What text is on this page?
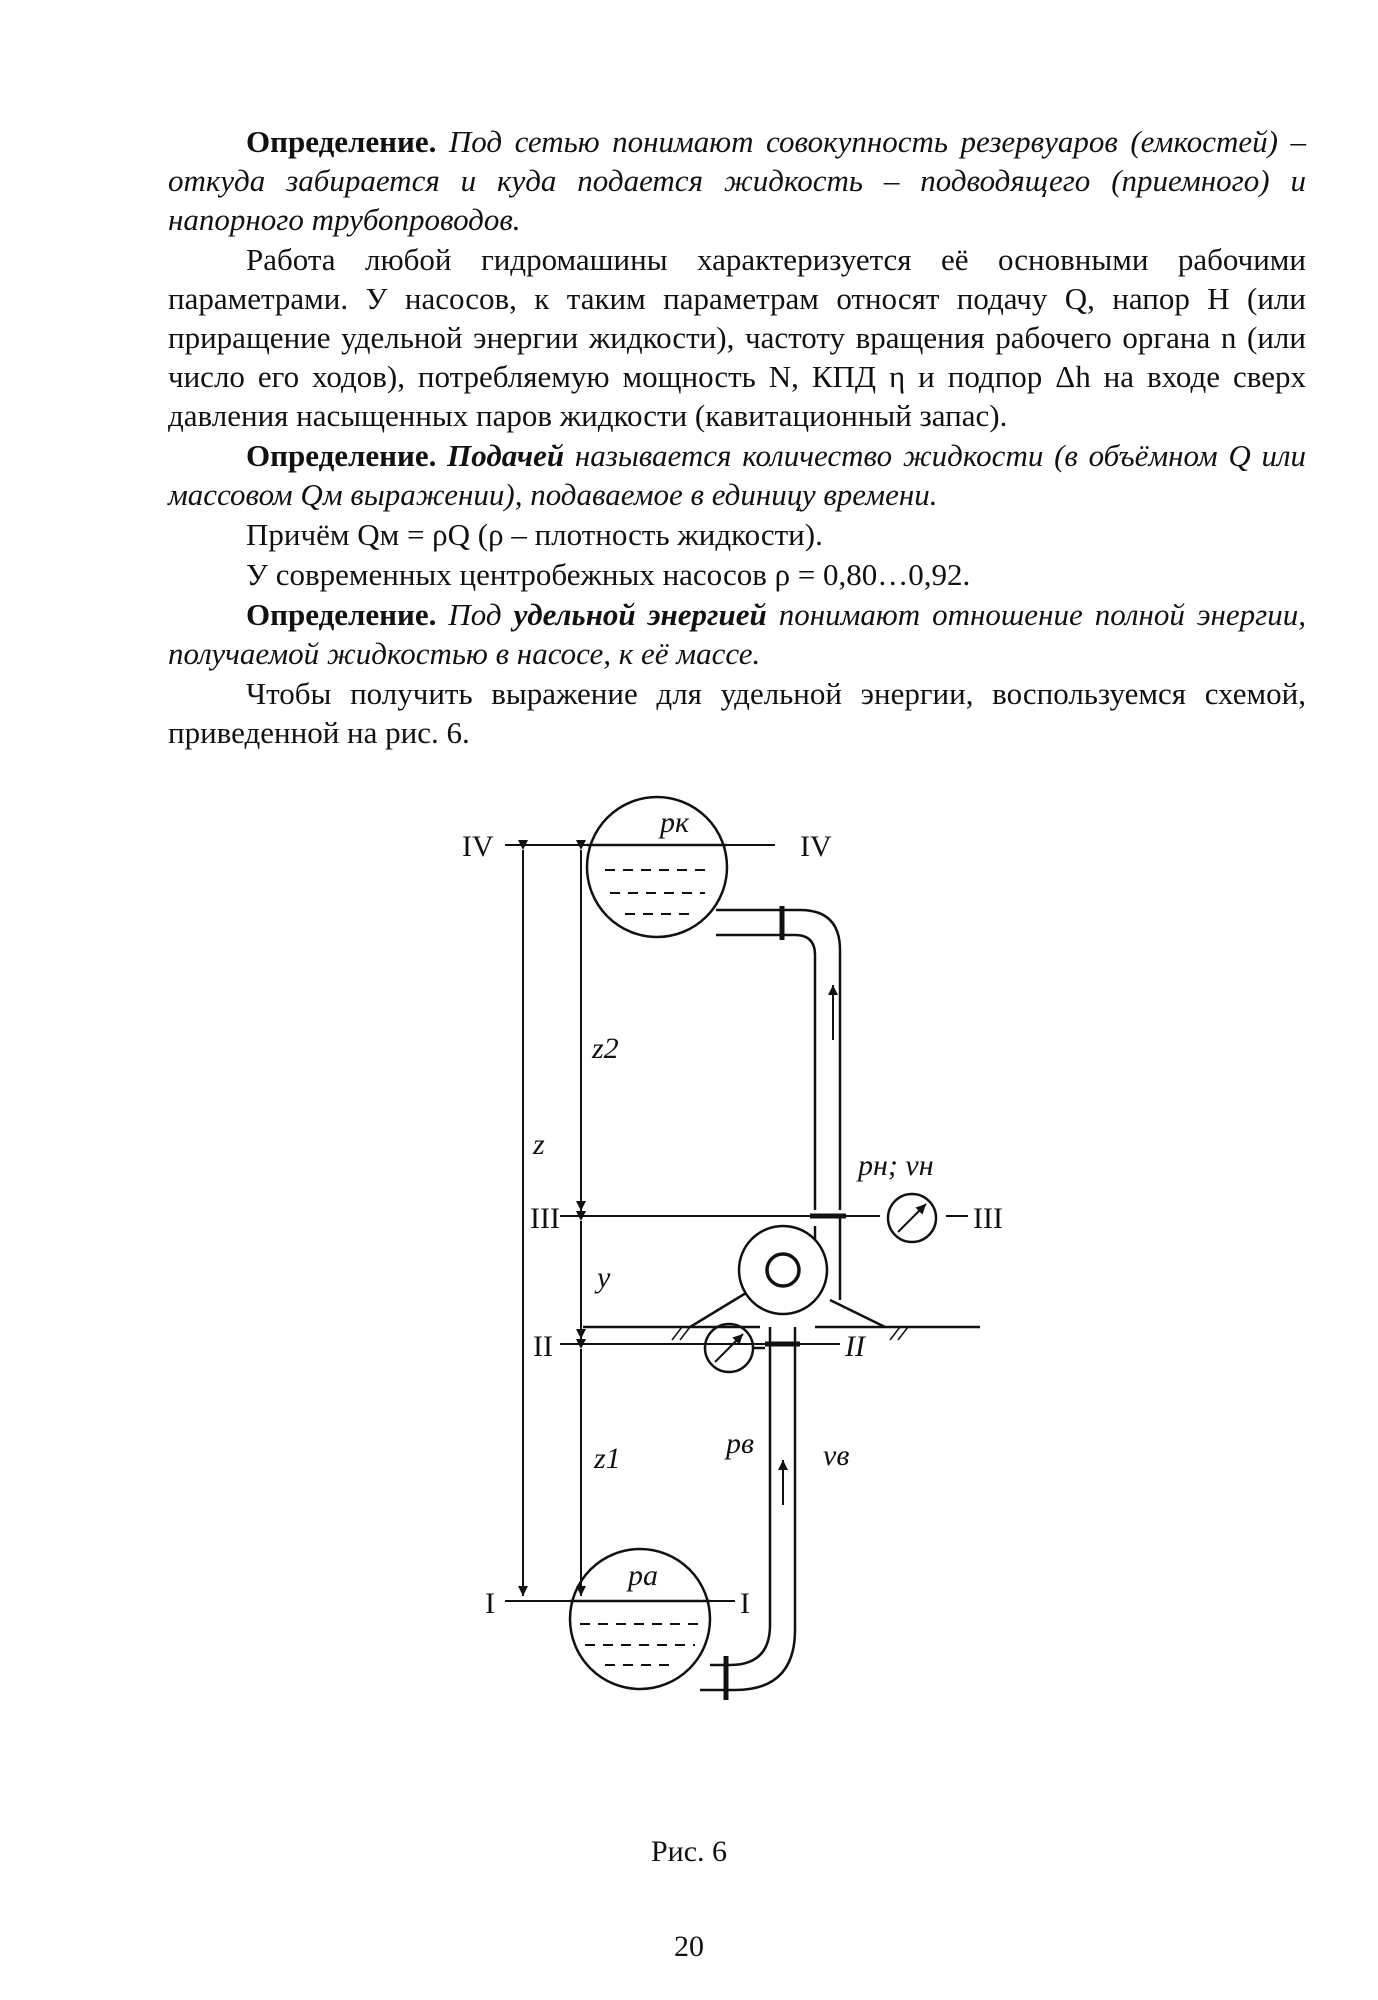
Определение. Под сетью понимают совокупность резервуаров (емкостей) – откуда забирается и куда подается жидкость – подводящего (приемного) и напорного трубопроводов.

Работа любой гидромашины характеризуется её основными рабочими параметрами. У насосов, к таким параметрам относят подачу Q, напор H (или приращение удельной энергии жидкости), частоту вращения рабочего органа n (или число его ходов), потребляемую мощность N, КПД η и подпор Δh на входе сверх давления насыщенных паров жидкости (кавитационный запас).

Определение. Подачей называется количество жидкости (в объёмном Q или массовом Qм выражении), подаваемое в единицу времени.

Причём Qм = ρQ (ρ – плотность жидкости).

У современных центробежных насосов ρ = 0,80…0,92.

Определение. Под удельной энергией понимают отношение полной энергии, получаемой жидкостью в насосе, к её массе.

Чтобы получить выражение для удельной энергии, воспользуемся схемой, приведенной на рис. 6.

IV	IV
pк
z2
z
pн; vн
III	III
y
II	II
z1	pв vв
pа
I	I
Рис. 6
20
